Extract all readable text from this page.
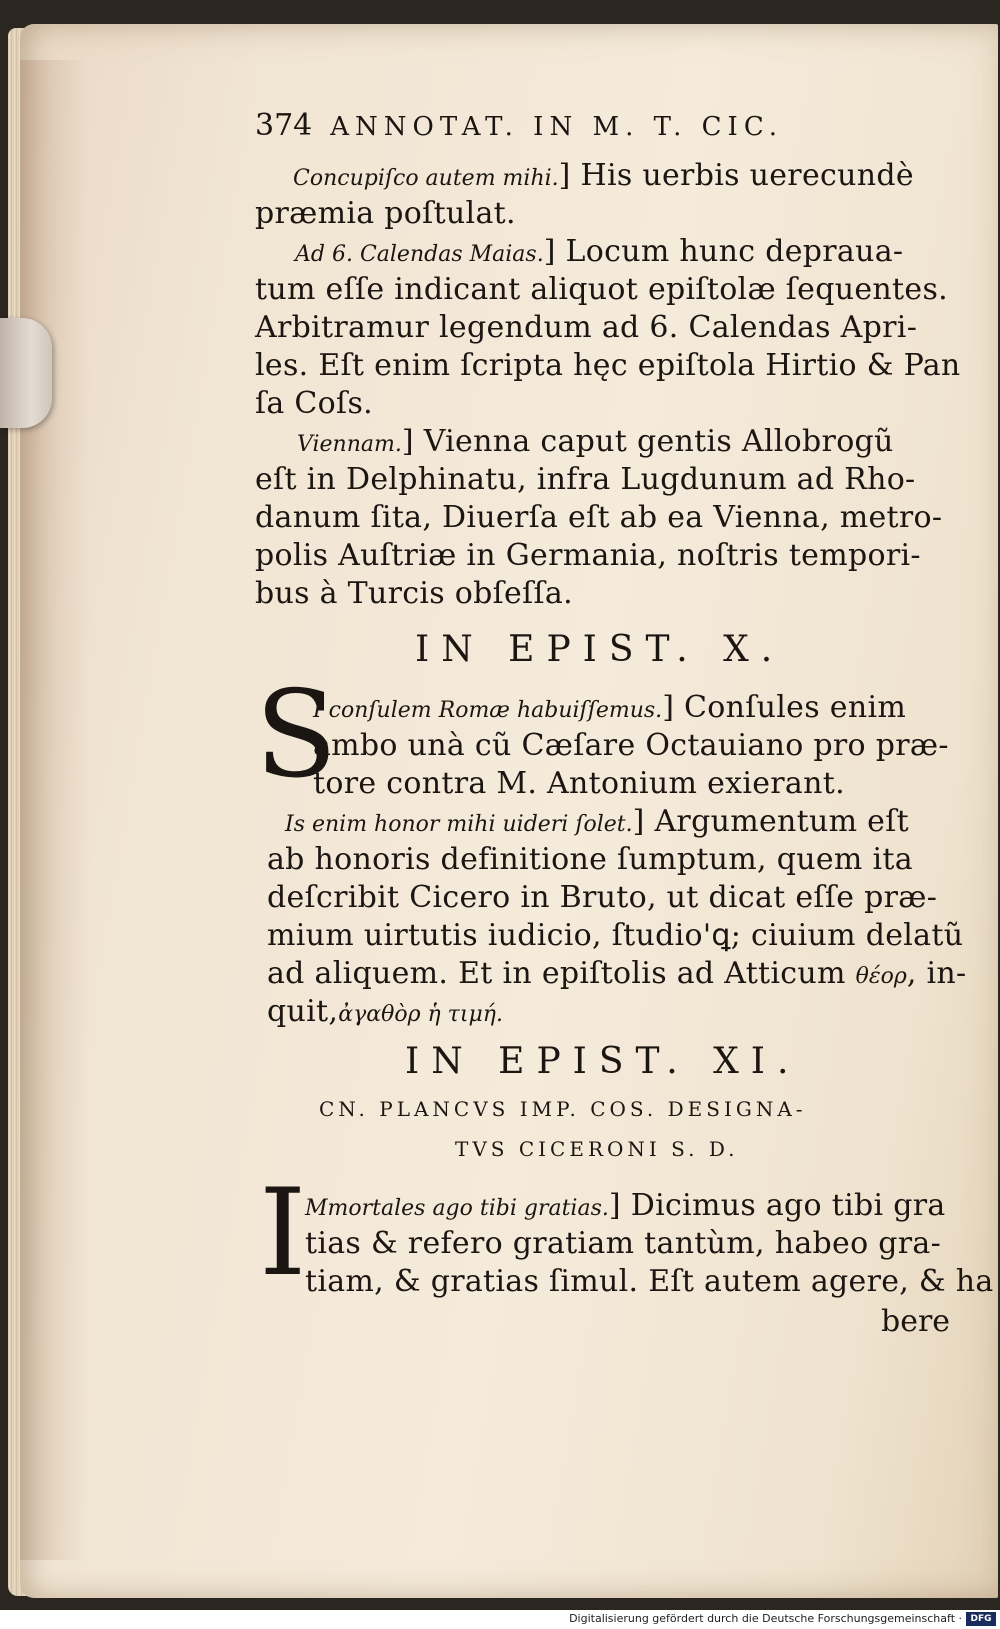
374 ANNOTAT. IN M. T. CIC.
Concupiſco autem mihi.] His uerbis uerecundè
præmia poſtulat.
Ad 6. Calendas Maias.] Locum hunc deprauа-
tum eſſe indicant aliquot epiſtolæ ſequentes.
Arbitramur legendum ad 6. Calendas Apri-
les. Eſt enim ſcripta hęc epiſtola Hirtio & Pan
ſa Coſs.
Viennam.] Vienna caput gentis Allobrogũ
eſt in Delphinatu, infra Lugdunum ad Rho-
danum ſita, Diuerſa eſt ab ea Vienna, metro-
polis Auſtriæ in Germania, noſtris tempori-
bus à Turcis obſeſſa.
IN EPIST. X.
S
I conſulem Romæ habuiſſemus.] Conſules enim
ambo unà cũ Cæſare Octauiano pro præ-
tore contra M. Antonium exierant.
Is enim honor mihi uideri ſolet.] Argumentum eſt
ab honoris definitione ſumptum, quem ita
deſcribit Cicero in Bruto, ut dicat eſſe præ-
mium uirtutis iudicio, ſtudio'ꝗ; ciuium delatũ
ad aliquem. Et in epiſtolis ad Atticum θέορ, in-
quit,ἀγαθὸρ ἡ τιμή.
IN EPIST. XI.
CN. PLANCVS IMP. COS. DESIGNA-
TVS CICERONI S. D.
I
Mmortales ago tibi gratias.] Dicimus ago tibi gra
tias & refero gratiam tantùm, habeo gra-
tiam, & gratias ſimul. Eſt autem agere, & ha
bere
Digitalisierung gefördert durch die Deutsche Forschungsgemeinschaft · DFG
